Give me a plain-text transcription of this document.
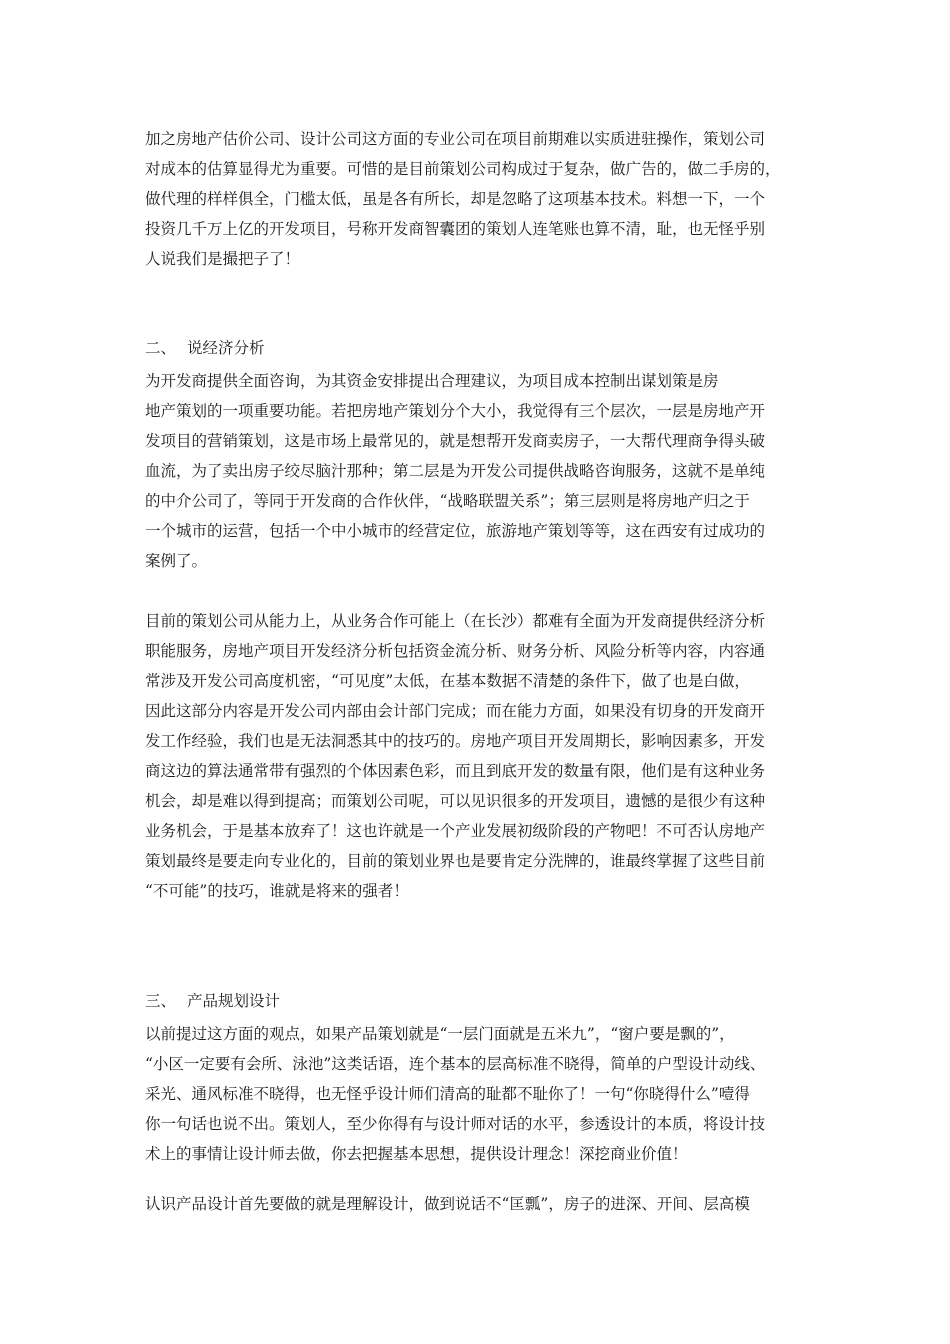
加之房地产估价公司、设计公司这方面的专业公司在项目前期难以实质进驻操作，策划公司
对成本的估算显得尤为重要。可惜的是目前策划公司构成过于复杂，做广告的，做二手房的，
做代理的样样俱全，门槛太低，虽是各有所长，却是忽略了这项基本技术。料想一下，一个
投资几千万上亿的开发项目，号称开发商智囊团的策划人连笔账也算不清，耻，也无怪乎别
人说我们是撮把子了！
二、 说经济分析
为开发商提供全面咨询，为其资金安排提出合理建议，为项目成本控制出谋划策是房
地产策划的一项重要功能。若把房地产策划分个大小，我觉得有三个层次，一层是房地产开
发项目的营销策划，这是市场上最常见的，就是想帮开发商卖房子，一大帮代理商争得头破
血流，为了卖出房子绞尽脑汁那种；第二层是为开发公司提供战略咨询服务，这就不是单纯
的中介公司了，等同于开发商的合作伙伴，“战略联盟关系”；第三层则是将房地产归之于
一个城市的运营，包括一个中小城市的经营定位，旅游地产策划等等，这在西安有过成功的
案例了。
目前的策划公司从能力上，从业务合作可能上（在长沙）都难有全面为开发商提供经济分析
职能服务，房地产项目开发经济分析包括资金流分析、财务分析、风险分析等内容，内容通
常涉及开发公司高度机密，“可见度”太低，在基本数据不清楚的条件下，做了也是白做，
因此这部分内容是开发公司内部由会计部门完成；而在能力方面，如果没有切身的开发商开
发工作经验，我们也是无法洞悉其中的技巧的。房地产项目开发周期长，影响因素多，开发
商这边的算法通常带有强烈的个体因素色彩，而且到底开发的数量有限，他们是有这种业务
机会，却是难以得到提高；而策划公司呢，可以见识很多的开发项目，遗憾的是很少有这种
业务机会，于是基本放弃了！这也许就是一个产业发展初级阶段的产物吧！不可否认房地产
策划最终是要走向专业化的，目前的策划业界也是要肯定分洗牌的，谁最终掌握了这些目前
“不可能”的技巧，谁就是将来的强者！
三、 产品规划设计
以前提过这方面的观点，如果产品策划就是“一层门面就是五米九”，“窗户要是飘的”，
“小区一定要有会所、泳池”这类话语，连个基本的层高标准不晓得，简单的户型设计动线、
采光、通风标准不晓得，也无怪乎设计师们清高的耻都不耻你了！一句“你晓得什么”噎得
你一句话也说不出。策划人，至少你得有与设计师对话的水平，参透设计的本质，将设计技
术上的事情让设计师去做，你去把握基本思想，提供设计理念！深挖商业价值！
认识产品设计首先要做的就是理解设计，做到说话不“匡瓢”，房子的进深、开间、层高模
